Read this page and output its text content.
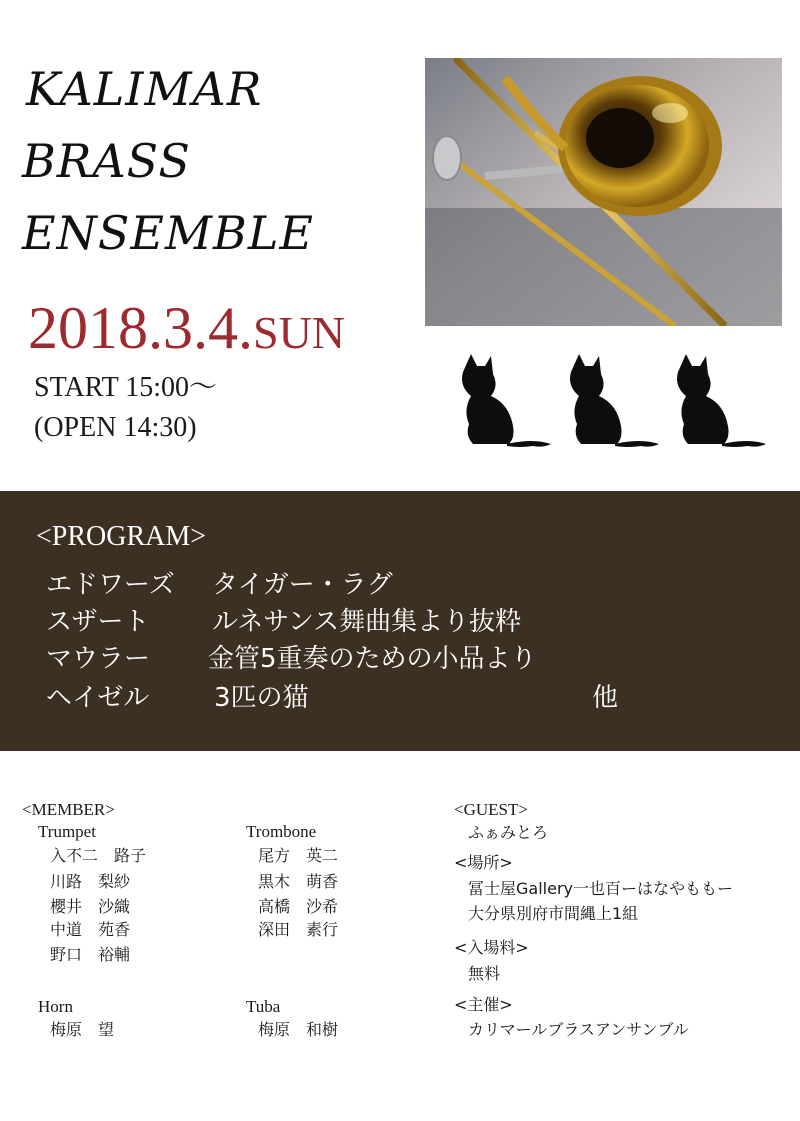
KALIMAR
BRASS
ENSEMBLE
2018.3.4.SUN
START 15:00～
(OPEN 14:30)
<PROGRAM>
エドワーズ タイガー・ラグ
スザート ルネサンス舞曲集より抜粋
マウラー 金管5重奏のための小品より
ヘイゼル 3匹の猫	他
<MEMBER>
Trumpet
入不二　路子
川路　梨紗
櫻井　沙織
中道　苑香
野口　裕輔
Trombone
尾方　英二
黒木　萌香
高橋　沙希
深田　素行
Horn
梅原　望
Tuba
梅原　和樹
<GUEST>
ふぁみとろ
<場所>
冨士屋Gallery一也百ーはなやももー
大分県別府市間縄上1組
<入場料>
無料
<主催>
カリマールブラスアンサンブル
